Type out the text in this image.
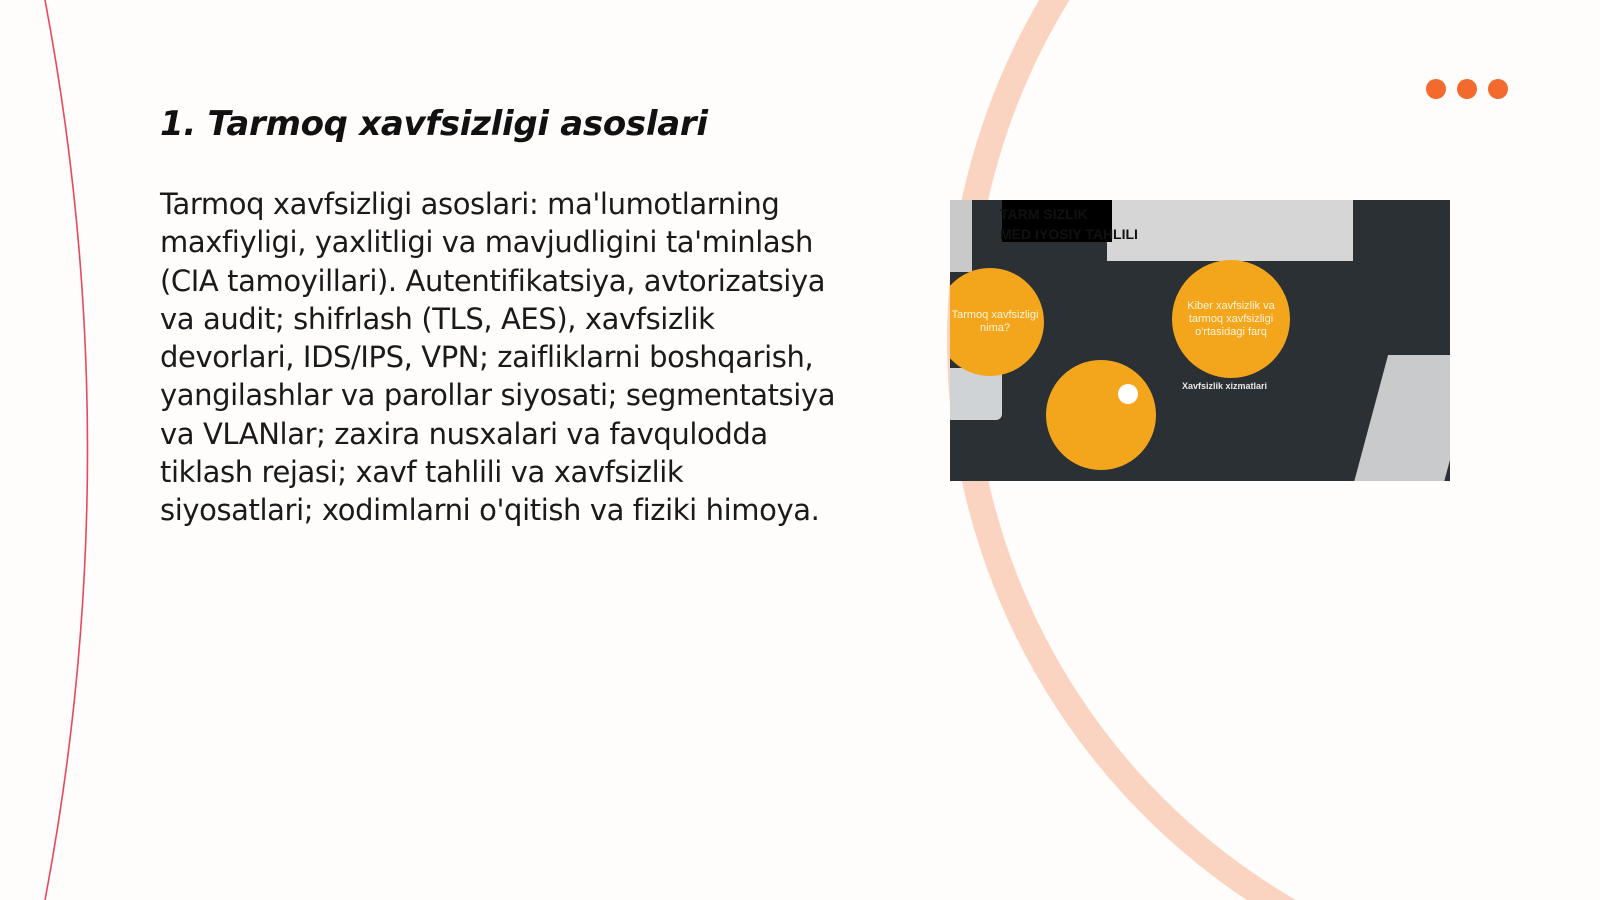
1. Tarmoq xavfsizligi asoslari

Tarmoq xavfsizligi asoslari: ma'lumotlarning maxfiyligi, yaxlitligi va mavjudligini ta'minlash (CIA tamoyillari). Autentifikatsiya, avtorizatsiya va audit; shifrlash (TLS, AES), xavfsizlik devorlari, IDS/IPS, VPN; zaifliklarni boshqarish, yangilashlar va parollar siyosati; segmentatsiya va VLANlar; zaxira nusxalari va favqulodda tiklash rejasi; xavf tahlili va xavfsizlik siyosatlari; xodimlarni o'qitish va fiziki himoya.

TARM SIZLIK
MED IYOSIY TAHLILI
Tarmoq xavfsizligi nima?
Kiber xavfsizlik va tarmoq xavfsizligi o'rtasidagi farq
Xavfsizlik xizmatlari
